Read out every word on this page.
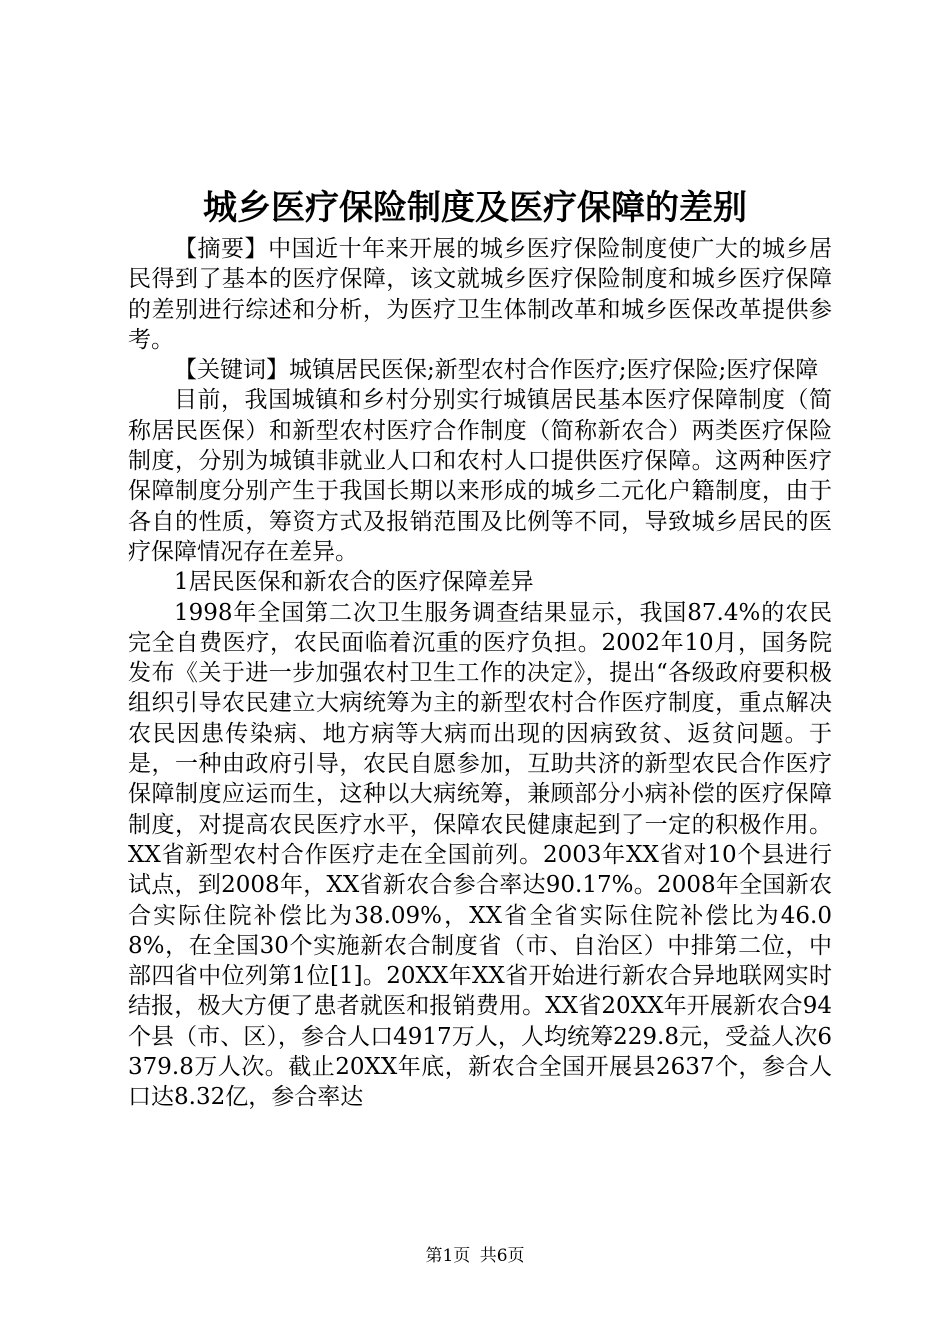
城乡医疗保险制度及医疗保障的差别

【摘要】中国近十年来开展的城乡医疗保险制度使广大的城乡居民得到了基本的医疗保障，该文就城乡医疗保险制度和城乡医疗保障的差别进行综述和分析，为医疗卫生体制改革和城乡医保改革提供参考。

【关键词】城镇居民医保;新型农村合作医疗;医疗保险;医疗保障

目前，我国城镇和乡村分别实行城镇居民基本医疗保障制度（简称居民医保）和新型农村医疗合作制度（简称新农合）两类医疗保险制度，分别为城镇非就业人口和农村人口提供医疗保障。这两种医疗保障制度分别产生于我国长期以来形成的城乡二元化户籍制度，由于各自的性质，筹资方式及报销范围及比例等不同，导致城乡居民的医疗保障情况存在差异。

1居民医保和新农合的医疗保障差异

1998年全国第二次卫生服务调查结果显示，我国87.4%的农民完全自费医疗，农民面临着沉重的医疗负担。2002年10月，国务院发布《关于进一步加强农村卫生工作的决定》，提出“各级政府要积极组织引导农民建立大病统筹为主的新型农村合作医疗制度，重点解决农民因患传染病、地方病等大病而出现的因病致贫、返贫问题。于是，一种由政府引导，农民自愿参加，互助共济的新型农民合作医疗保障制度应运而生，这种以大病统筹，兼顾部分小病补偿的医疗保障制度，对提高农民医疗水平，保障农民健康起到了一定的积极作用。XX省新型农村合作医疗走在全国前列。2003年XX省对10个县进行试点，到2008年，XX省新农合参合率达90.17%。2008年全国新农合实际住院补偿比为38.09%，XX省全省实际住院补偿比为46.08%，在全国30个实施新农合制度省（市、自治区）中排第二位，中部四省中位列第1位[1]。20XX年XX省开始进行新农合异地联网实时结报，极大方便了患者就医和报销费用。XX省20XX年开展新农合94个县（市、区），参合人口4917万人，人均统筹229.8元，受益人次6379.8万人次。截止20XX年底，新农合全国开展县2637个，参合人口达8.32亿，参合率达

第1页 共6页
